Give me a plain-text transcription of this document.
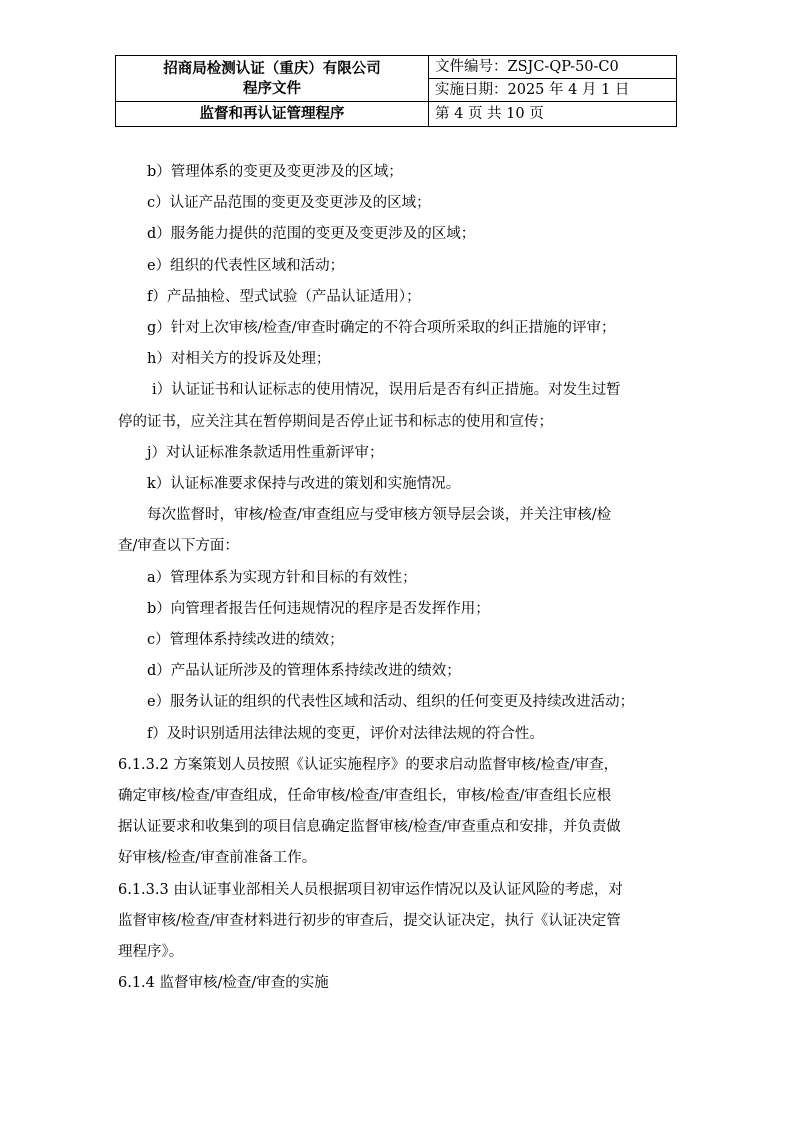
招商局检测认证（重庆）有限公司
程序文件	文件编号：ZSJC-QP-50-C0
	实施日期：2025 年 4 月 1 日
监督和再认证管理程序	第 4 页 共 10 页

b）管理体系的变更及变更涉及的区域；

c）认证产品范围的变更及变更涉及的区域；

d）服务能力提供的范围的变更及变更涉及的区域；

e）组织的代表性区域和活动；

f）产品抽检、型式试验（产品认证适用）；

g）针对上次审核/检查/审查时确定的不符合项所采取的纠正措施的评审；

h）对相关方的投诉及处理；

i）认证证书和认证标志的使用情况，误用后是否有纠正措施。对发生过暂

停的证书，应关注其在暂停期间是否停止证书和标志的使用和宣传；

j）对认证标准条款适用性重新评审；

k）认证标准要求保持与改进的策划和实施情况。

每次监督时，审核/检查/审查组应与受审核方领导层会谈，并关注审核/检

查/审查以下方面：

a）管理体系为实现方针和目标的有效性；

b）向管理者报告任何违规情况的程序是否发挥作用；

c）管理体系持续改进的绩效；

d）产品认证所涉及的管理体系持续改进的绩效；

e）服务认证的组织的代表性区域和活动、组织的任何变更及持续改进活动；

f）及时识别适用法律法规的变更，评价对法律法规的符合性。

6.1.3.2 方案策划人员按照《认证实施程序》的要求启动监督审核/检查/审查，

确定审核/检查/审查组成，任命审核/检查/审查组长，审核/检查/审查组长应根

据认证要求和收集到的项目信息确定监督审核/检查/审查重点和安排，并负责做

好审核/检查/审查前准备工作。

6.1.3.3 由认证事业部相关人员根据项目初审运作情况以及认证风险的考虑，对

监督审核/检查/审查材料进行初步的审查后，提交认证决定，执行《认证决定管

理程序》。

6.1.4 监督审核/检查/审查的实施
